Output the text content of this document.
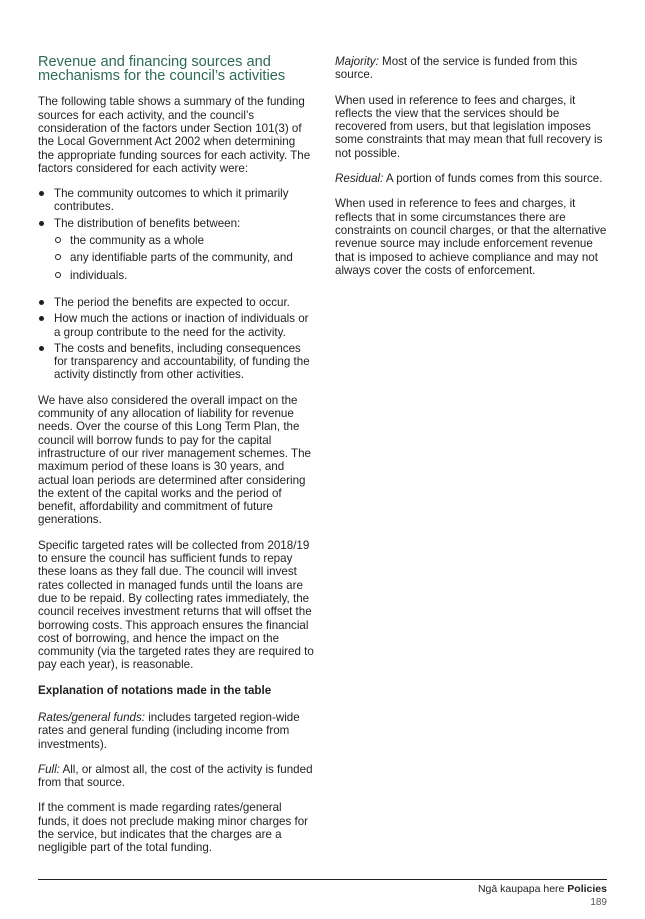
Revenue and financing sources and mechanisms for the council’s activities

The following table shows a summary of the funding sources for each activity, and the council’s consideration of the factors under Section 101(3) of the Local Government Act 2002 when determining the appropriate funding sources for each activity. The factors considered for each activity were:

The community outcomes to which it primarily contributes.
The distribution of benefits between:
the community as a whole
any identifiable parts of the community, and
individuals.
The period the benefits are expected to occur.
How much the actions or inaction of individuals or a group contribute to the need for the activity.
The costs and benefits, including consequences for transparency and accountability, of funding the activity distinctly from other activities.

We have also considered the overall impact on the community of any allocation of liability for revenue needs. Over the course of this Long Term Plan, the council will borrow funds to pay for the capital infrastructure of our river management schemes. The maximum period of these loans is 30 years, and actual loan periods are determined after considering the extent of the capital works and the period of benefit, affordability and commitment of future generations.

Specific targeted rates will be collected from 2018/19 to ensure the council has sufficient funds to repay these loans as they fall due. The council will invest rates collected in managed funds until the loans are due to be repaid. By collecting rates immediately, the council receives investment returns that will offset the borrowing costs. This approach ensures the financial cost of borrowing, and hence the impact on the community (via the targeted rates they are required to pay each year), is reasonable.

Explanation of notations made in the table

Rates/general funds: includes targeted region-wide rates and general funding (including income from investments).

Full: All, or almost all, the cost of the activity is funded from that source.

If the comment is made regarding rates/general funds, it does not preclude making minor charges for the service, but indicates that the charges are a negligible part of the total funding.

Majority: Most of the service is funded from this source.

When used in reference to fees and charges, it reflects the view that the services should be recovered from users, but that legislation imposes some constraints that may mean that full recovery is not possible.

Residual: A portion of funds comes from this source.

When used in reference to fees and charges, it reflects that in some circumstances there are constraints on council charges, or that the alternative revenue source may include enforcement revenue that is imposed to achieve compliance and may not always cover the costs of enforcement.

Ngā kaupapa here Policies
189
